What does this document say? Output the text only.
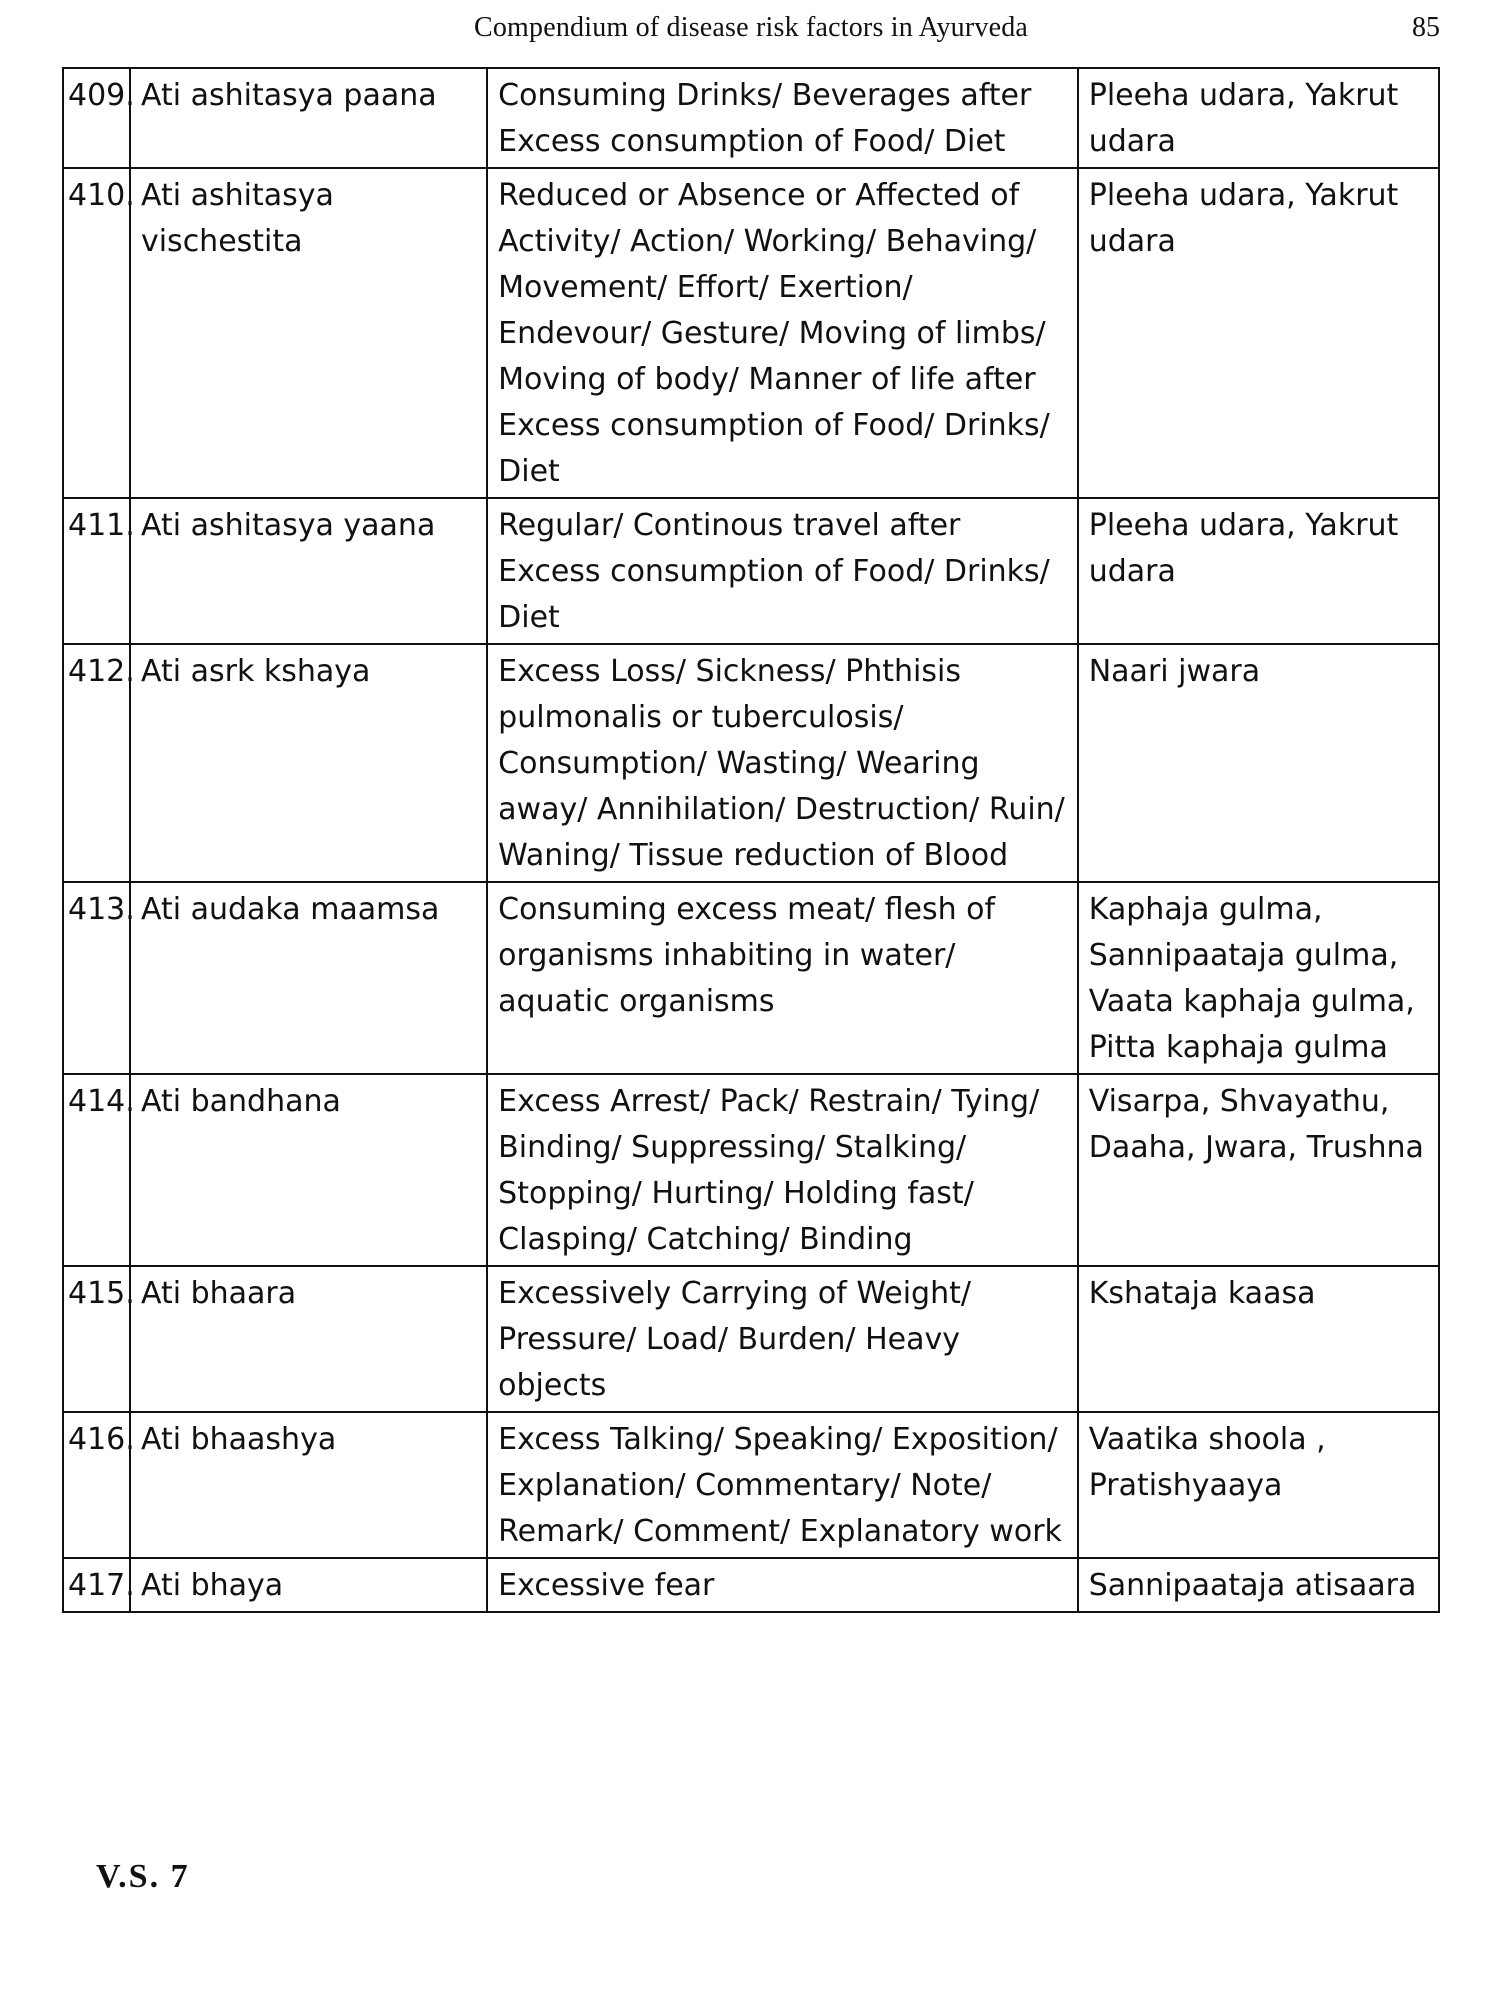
Compendium of disease risk factors in Ayurveda	85
409.	Ati ashitasya paana	Consuming Drinks/ Beverages after Excess consumption of Food/ Diet	Pleeha udara, Yakrut udara
410.	Ati ashitasya vischestita	Reduced or Absence or Affected of Activity/ Action/ Working/ Behaving/ Movement/ Effort/ Exertion/ Endevour/ Gesture/ Moving of limbs/ Moving of body/ Manner of life after Excess consumption of Food/ Drinks/ Diet	Pleeha udara, Yakrut udara
411.	Ati ashitasya yaana	Regular/ Continous travel after Excess consumption of Food/ Drinks/ Diet	Pleeha udara, Yakrut udara
412.	Ati asrk kshaya	Excess Loss/ Sickness/ Phthisis pulmonalis or tuberculosis/ Consumption/ Wasting/ Wearing away/ Annihilation/ Destruction/ Ruin/ Waning/ Tissue reduction of Blood	Naari jwara
413.	Ati audaka maamsa	Consuming excess meat/ flesh of organisms inhabiting in water/ aquatic organisms	Kaphaja gulma, Sannipaataja gulma, Vaata kaphaja gulma, Pitta kaphaja gulma
414.	Ati bandhana	Excess Arrest/ Pack/ Restrain/ Tying/ Binding/ Suppressing/ Stalking/ Stopping/ Hurting/ Holding fast/ Clasping/ Catching/ Binding	Visarpa, Shvayathu, Daaha, Jwara, Trushna
415.	Ati bhaara	Excessively Carrying of Weight/ Pressure/ Load/ Burden/ Heavy objects	Kshataja kaasa
416.	Ati bhaashya	Excess Talking/ Speaking/ Exposition/ Explanation/ Commentary/ Note/ Remark/ Comment/ Explanatory work	Vaatika shoola , Pratishyaaya
417.	Ati bhaya	Excessive fear	Sannipaataja atisaara
V.S. 7
